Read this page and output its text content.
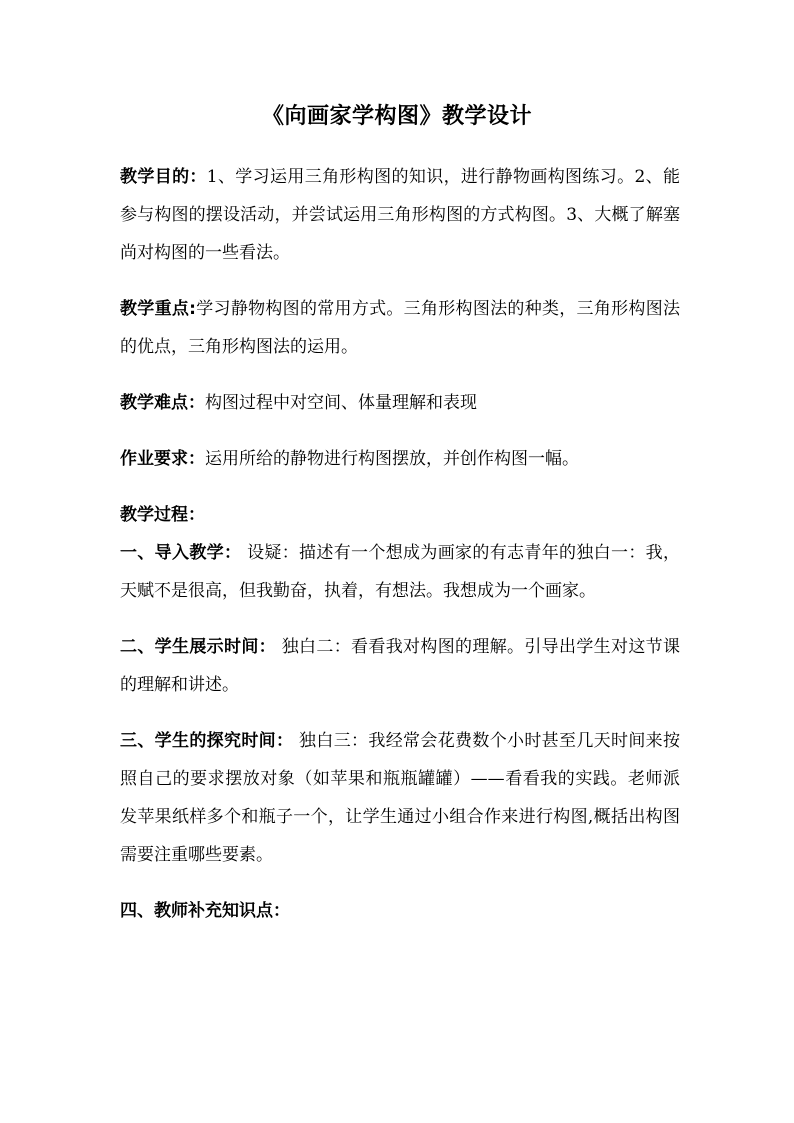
《向画家学构图》教学设计

教学目的：1、学习运用三角形构图的知识，进行静物画构图练习。2、能参与构图的摆设活动，并尝试运用三角形构图的方式构图。3、大概了解塞尚对构图的一些看法。

教学重点:学习静物构图的常用方式。三角形构图法的种类，三角形构图法的优点，三角形构图法的运用。

教学难点：构图过程中对空间、体量理解和表现

作业要求：运用所给的静物进行构图摆放，并创作构图一幅。

教学过程：

一、导入教学： 设疑：描述有一个想成为画家的有志青年的独白一：我，天赋不是很高，但我勤奋，执着，有想法。我想成为一个画家。

二、学生展示时间： 独白二：看看我对构图的理解。引导出学生对这节课的理解和讲述。

三、学生的探究时间： 独白三：我经常会花费数个小时甚至几天时间来按照自己的要求摆放对象（如苹果和瓶瓶罐罐）——看看我的实践。老师派发苹果纸样多个和瓶子一个，让学生通过小组合作来进行构图,概括出构图需要注重哪些要素。

四、教师补充知识点：
